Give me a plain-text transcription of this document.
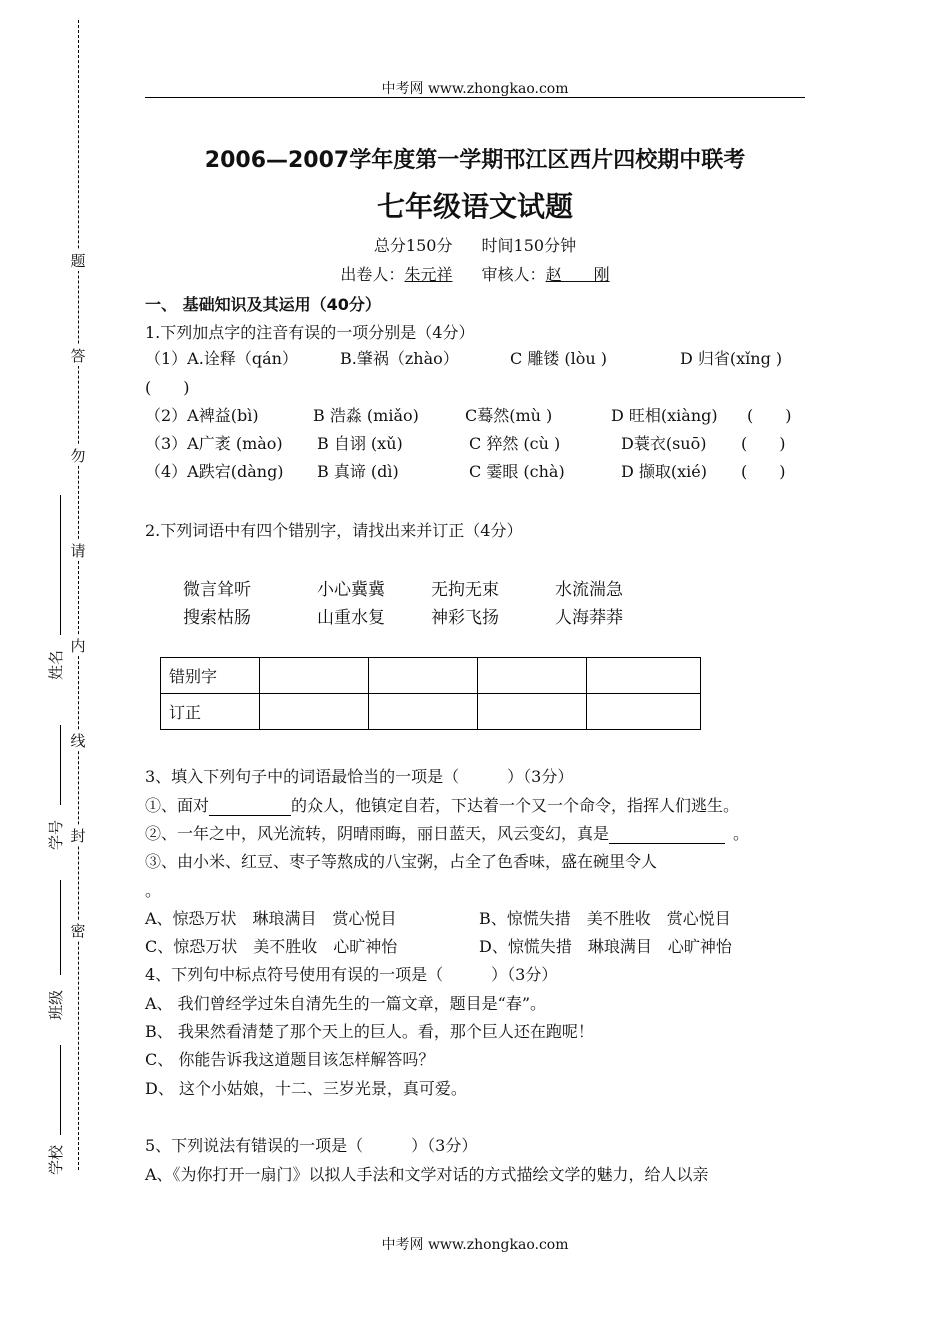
题
答
勿
请
内
线
封
密
姓名
学号
班级
学校
中考网 www.zhongkao.com
2006—2007学年度第一学期邗江区西片四校期中联考
七年级语文试题
总分150分 时间150分钟
出卷人：朱元祥 审核人：赵　　刚
一、 基础知识及其运用（40分）
1.下列加点字的注音有误的一项分别是（4分）
（1）A.诠释（qán）	B.肇祸（zhào）	C 雕镂 (lòu )	D 归省(xǐng )
(　　)
（2）A裨益(bì)	B 浩淼 (miǎo)	C蓦然(mù )	D 旺相(xiàng) (　　)
（3）A广袤 (mào) B 自诩 (xǔ)	C 猝然 (cù )	D蓑衣(suō) (　　)
（4）A跌宕(dàng) B 真谛 (dì)	C 霎眼 (chà)	D 撷取(xié) (　　)
2.下列词语中有四个错别字，请找出来并订正（4分）
微言耸听	小心冀冀	无拘无束	水流湍急
搜索枯肠	山重水复	神彩飞扬	人海莽莽
错别字				
订正				
3、填入下列句子中的词语最恰当的一项是（　　　）（3分）
①、面对	的众人，他镇定自若，下达着一个又一个命令，指挥人们逃生。
②、一年之中，风光流转，阴晴雨晦，丽日蓝天，风云变幻，真是	。
③、由小米、红豆、枣子等熬成的八宝粥，占全了色香味，盛在碗里令人
。
A、惊恐万状　琳琅满目　赏心悦目	B、惊慌失措　美不胜收　赏心悦目
C、惊恐万状　美不胜收　心旷神怡	D、惊慌失措　琳琅满目　心旷神怡
4、下列句中标点符号使用有误的一项是（　　　）（3分）
A、 我们曾经学过朱自清先生的一篇文章，题目是“春”。
B、 我果然看清楚了那个天上的巨人。看，那个巨人还在跑呢！
C、 你能告诉我这道题目该怎样解答吗？
D、 这个小姑娘，十二、三岁光景，真可爱。
5、下列说法有错误的一项是（　　　）（3分）
A、《为你打开一扇门》以拟人手法和文学对话的方式描绘文学的魅力，给人以亲
中考网 www.zhongkao.com
